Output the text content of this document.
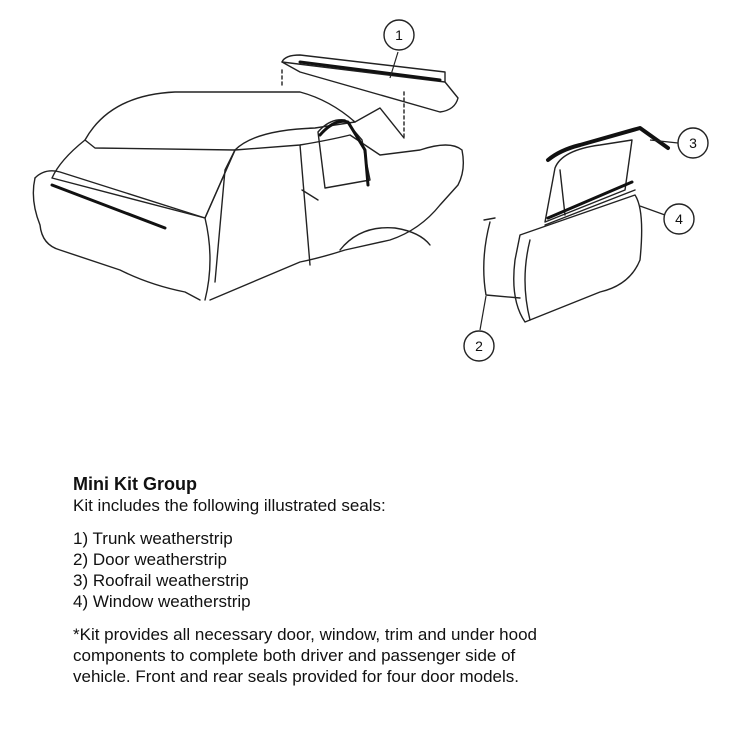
1
2
3
4

Mini Kit Group

Kit includes the following illustrated seals:

1) Trunk weatherstrip
2) Door weatherstrip
3) Roofrail weatherstrip
4) Window weatherstrip

*Kit provides all necessary door, window, trim and under hood
components to complete both driver and passenger side of
vehicle. Front and rear seals provided for four door models.
